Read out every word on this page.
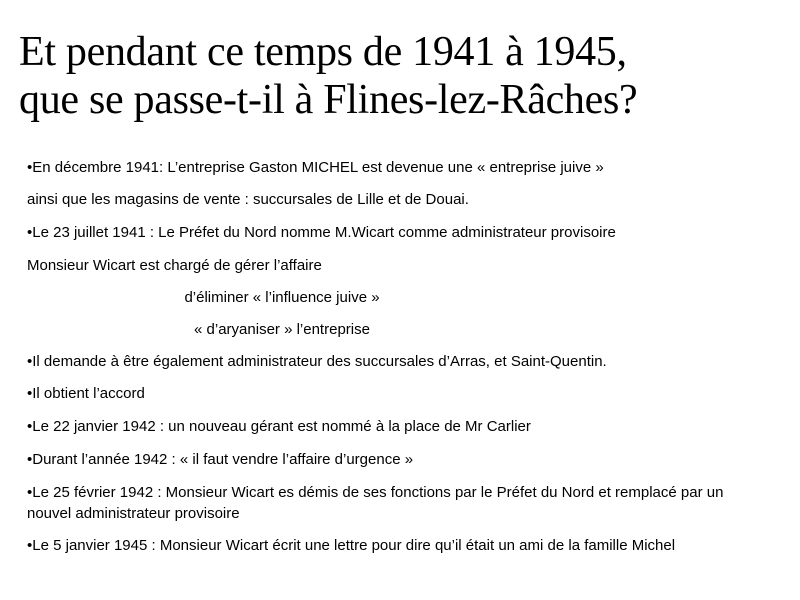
Et pendant ce temps de 1941 à 1945,
que se passe-t-il à Flines-lez-Râches?
•En décembre 1941: L’entreprise Gaston MICHEL est devenue une « entreprise juive »
ainsi que les magasins de vente : succursales de Lille et de Douai.
•Le 23 juillet 1941 : Le Préfet du Nord nomme M.Wicart comme administrateur provisoire
Monsieur Wicart est chargé de gérer l’affaire
d’éliminer « l’influence juive »
« d’aryaniser » l’entreprise
•Il demande à être également administrateur des succursales d’Arras, et Saint-Quentin.
•Il obtient l’accord
•Le 22 janvier 1942 : un nouveau gérant est nommé à la place de Mr Carlier
•Durant l’année 1942 : « il faut vendre l’affaire d’urgence »
•Le 25 février 1942 : Monsieur Wicart es démis de ses fonctions par le Préfet du Nord et remplacé par un nouvel administrateur provisoire
•Le 5 janvier 1945 : Monsieur Wicart écrit une lettre pour dire qu’il était un ami de la famille Michel
